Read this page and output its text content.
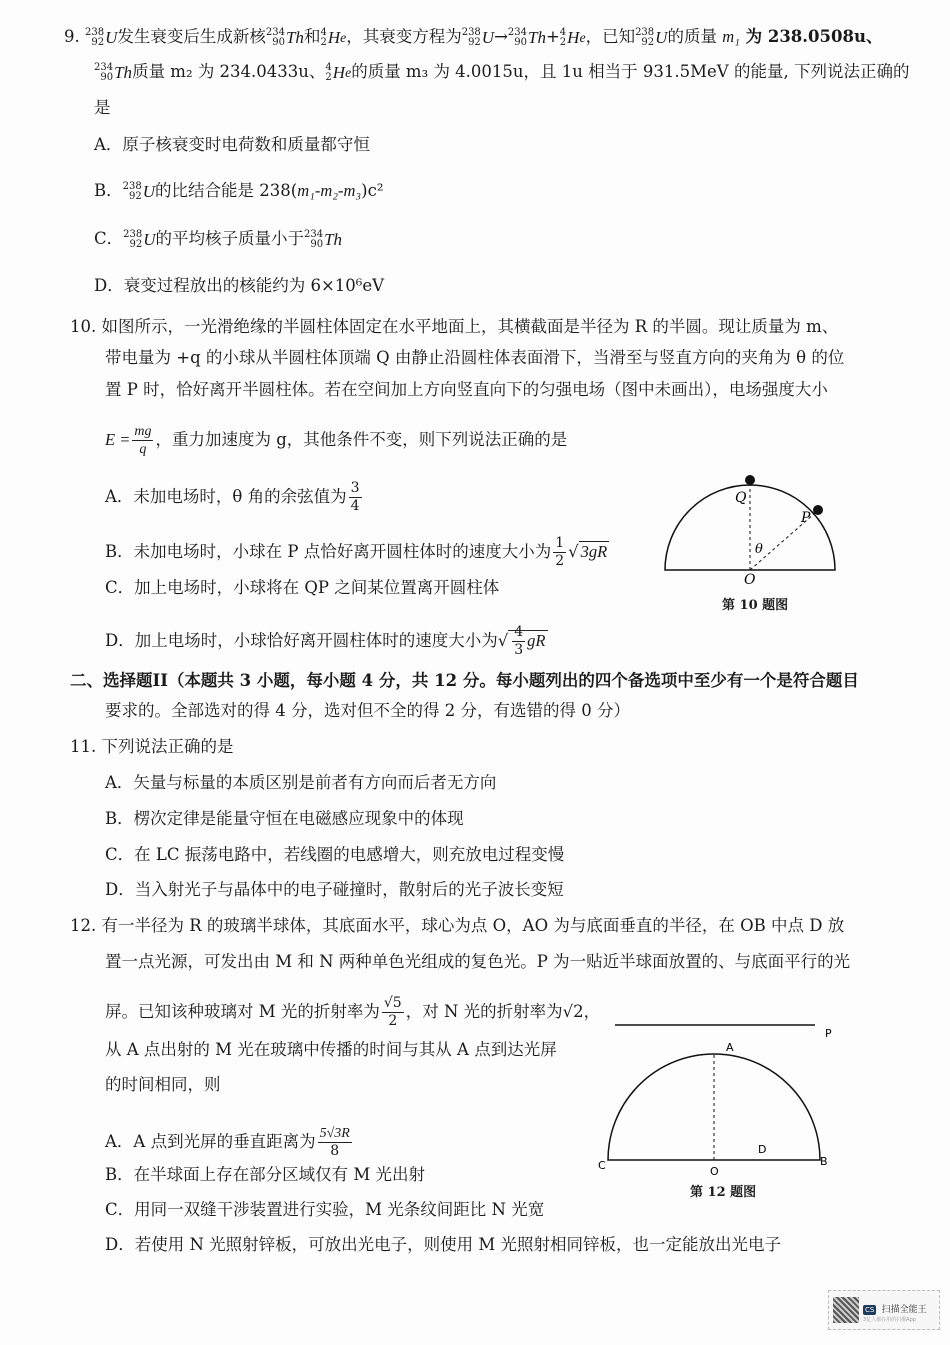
9. 238
92 U 发生衰变后生成新核 234
90 Th 和 4
2 H e ，其衰变方程为 238
92 U → 234
90 Th + 4
2 H e ，已知 238
92 U 的质量 m₁ 为 238.0508u、
234
90 Th 质量 m₂ 为 234.0433u、 4
2 H e 的质量 m₃ 为 4.0015u，且 1u 相当于 931.5MeV 的能量, 下列说法正确的
是
A．原子核衰变时电荷数和质量都守恒
B． 238
92 U 的比结合能是 238(m₁-m₂-m₃)c²
C． 238
92 U 的平均核子质量小于 234
90 Th
D．衰变过程放出的核能约为 6×10⁶eV
10. 如图所示，一光滑绝缘的半圆柱体固定在水平地面上，其横截面是半径为 R 的半圆。现让质量为 m、
带电量为 +q 的小球从半圆柱体顶端 Q 由静止沿圆柱体表面滑下，当滑至与竖直方向的夹角为 θ 的位
置 P 时，恰好离开半圆柱体。若在空间加上方向竖直向下的匀强电场（图中未画出），电场强度大小
$E = \frac{mg}{q}$ ，重力加速度为 g，其他条件不变，则下列说法正确的是
A．未加电场时，θ 角的余弦值为 $\frac{3}{4}$
B．未加电场时，小球在 P 点恰好离开圆柱体时的速度大小为 $\frac{1}{2}$ √ 3gR
C．加上电场时，小球将在 QP 之间某位置离开圆柱体
D．加上电场时，小球恰好离开圆柱体时的速度大小为√ $\frac{4}{3}$ gR
Q
P
θ
O
第 10 题图
二、选择题II（本题共 3 小题，每小题 4 分，共 12 分。每小题列出的四个备选项中至少有一个是符合题目
要求的。全部选对的得 4 分，选对但不全的得 2 分，有选错的得 0 分）
11. 下列说法正确的是
A．矢量与标量的本质区别是前者有方向而后者无方向
B．楞次定律是能量守恒在电磁感应现象中的体现
C．在 LC 振荡电路中，若线圈的电感增大，则充放电过程变慢
D．当入射光子与晶体中的电子碰撞时，散射后的光子波长变短
12. 有一半径为 R 的玻璃半球体，其底面水平，球心为点 O，AO 为与底面垂直的半径，在 OB 中点 D 放
置一点光源，可发出由 M 和 N 两种单色光组成的复色光。P 为一贴近半球面放置的、与底面平行的光
屏。已知该种玻璃对 M 光的折射率为 $\frac{√5}{2}$ ，对 N 光的折射率为√2，
从 A 点出射的 M 光在玻璃中传播的时间与其从 A 点到达光屏
的时间相同，则
A．A 点到光屏的垂直距离为 $\frac{5√3R}{8}$
B．在半球面上存在部分区域仅有 M 光出射
C．用同一双缝干涉装置进行实验，M 光条纹间距比 N 光宽
D．若使用 N 光照射锌板，可放出光电子，则使用 M 光照射相同锌板，也一定能放出光电子
P
A
C	O
D
B
第 12 题图
CS 扫描全能王
3亿人都在用的扫描App
